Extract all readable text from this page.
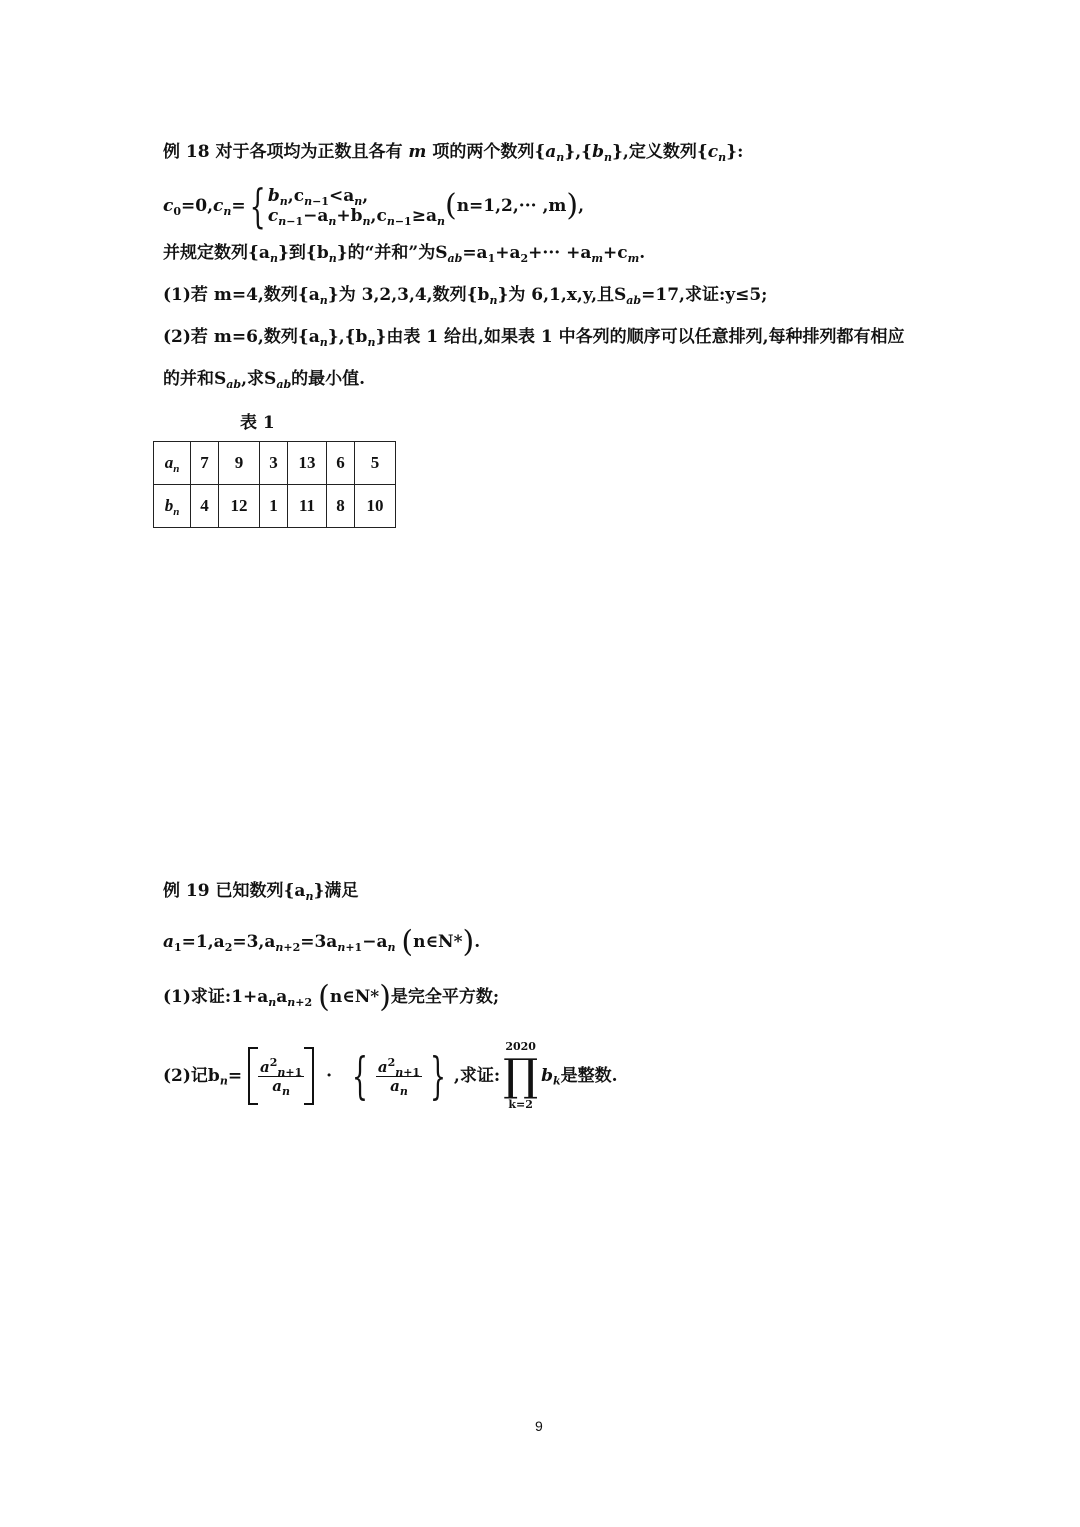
例 18 对于各项均为正数且各有 m 项的两个数列$\{a_n\},\{b_n\}$,定义数列$\{c_n\}$:
$c_0=0,c_n=$ { $b_n,c_{n-1}<a_n$,
$c_{n-1}-a_n+b_n,c_{n-1}\ge a_n$ (n=1,2,··· ,m),
并规定数列$\{a_n\}$到$\{b_n\}$的“并和”为$S_{ab}=a_1+a_2+\cdot\cdot\cdot +a_m+c_m$.
(1)若 m=4,数列$\{a_n\}$为 3,2,3,4,数列$\{b_n\}$为 6,1,x,y,且$S_{ab}=17$,求证:y≤5;
(2)若 m=6,数列$\{a_n\},\{b_n\}$由表 1 给出,如果表 1 中各列的顺序可以任意排列,每种排列都有相应
的并和$S_{ab}$,求$S_{ab}$的最小值.
表 1
$a_n$	7	9	3	13	6	5
$b_n$	4	12	1	11	8	10
例 19 已知数列$\{a_n\}$满足
$a_1=1,a_2=3,a_{n+2}=3a_{n+1}-a_n$ (n∈N*).
(1)求证$:1+a_na_{n+2}$ (n∈N*)是完全平方数;
(2)记$b_n= \frac{a^2_{n+1}}{a_n}$ · { $\frac{a^2_{n+1}}{a_n}$ } ,求证:
2020
∏
k=2
$b_k$是整数.
9
